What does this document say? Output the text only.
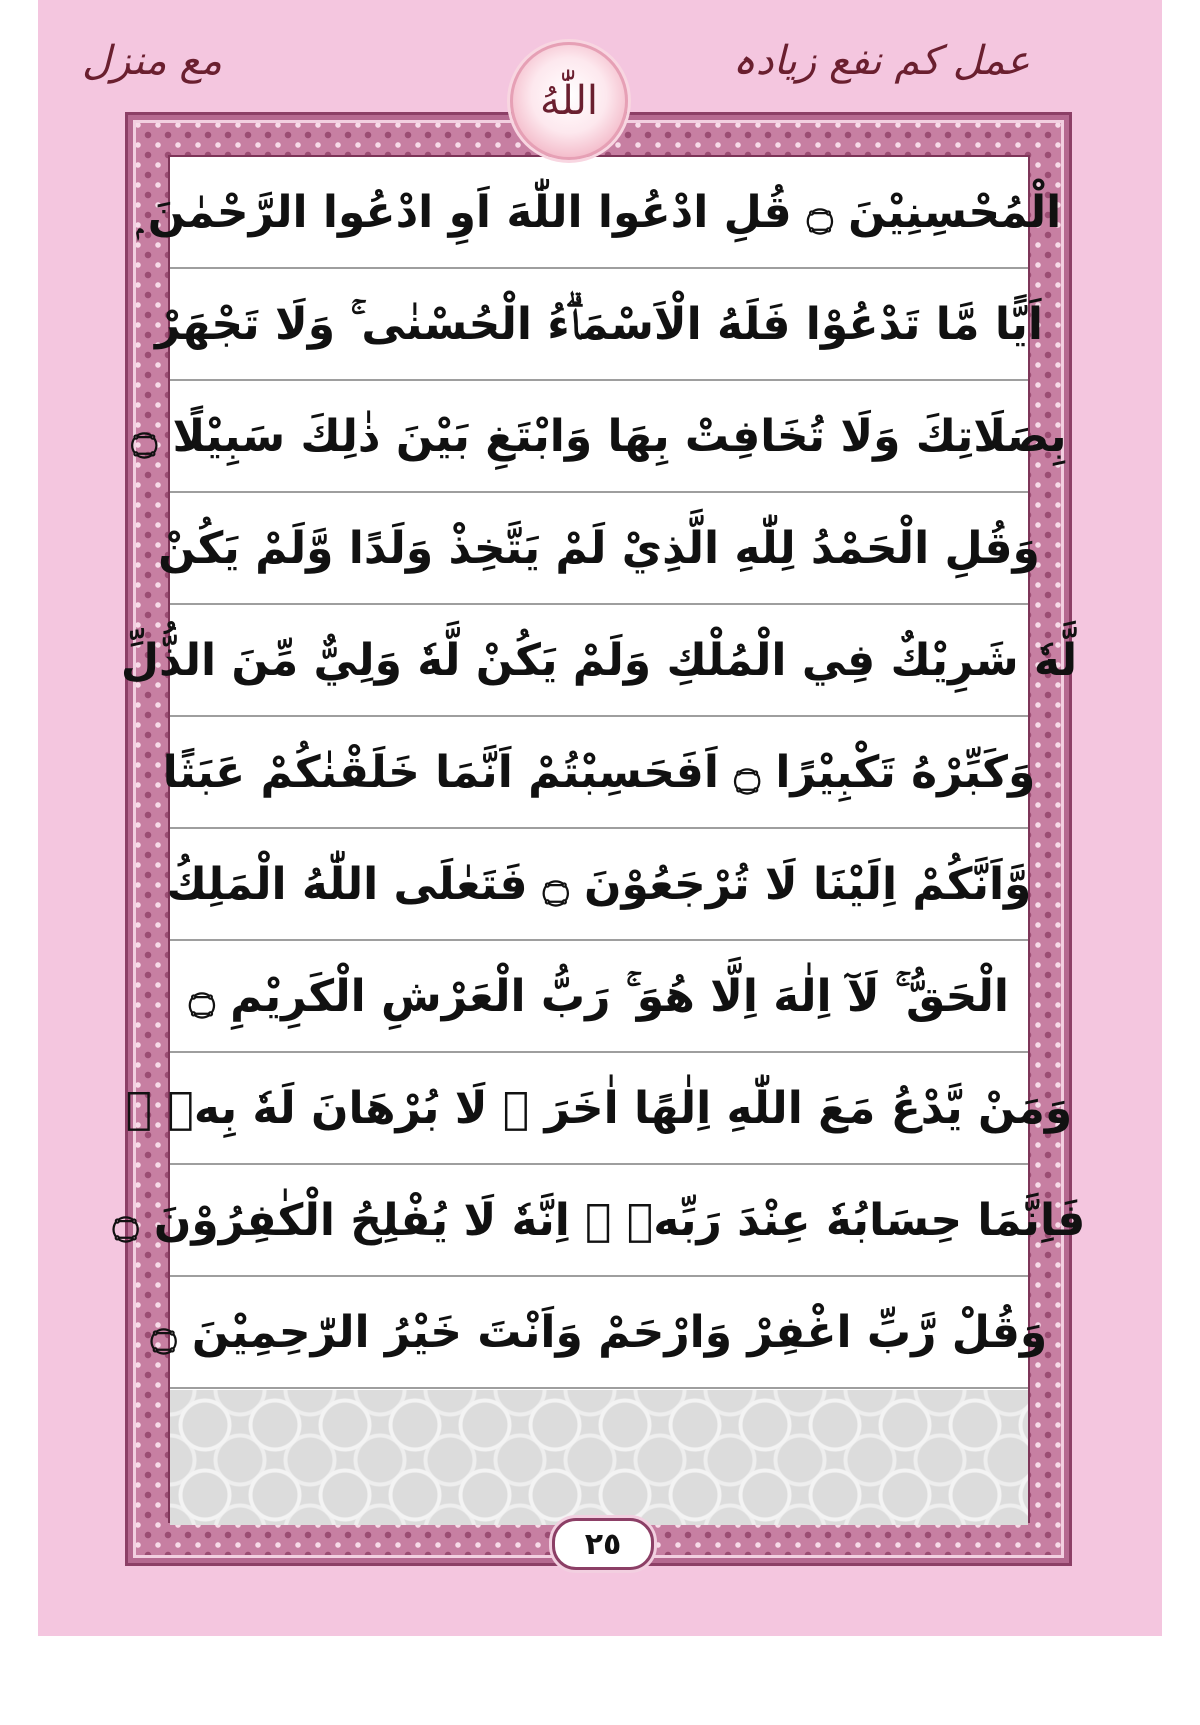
مع منزل	عمل کم نفع زیادہ
اللّٰهُ
الْمُحْسِنِيْنَ ۝ قُلِ ادْعُوا اللّٰهَ اَوِ ادْعُوا الرَّحْمٰنَ ۭ
اَيًّا مَّا تَدْعُوْا فَلَهُ الْاَسْمَاۗءُ الْحُسْنٰى ۚ وَلَا تَجْهَرْ
بِصَلَاتِكَ وَلَا تُخَافِتْ بِهَا وَابْتَغِ بَيْنَ ذٰلِكَ سَبِيْلًا ۝
وَقُلِ الْحَمْدُ لِلّٰهِ الَّذِيْ لَمْ يَتَّخِذْ وَلَدًا وَّلَمْ يَكُنْ
لَّهٗ شَرِيْكٌ فِي الْمُلْكِ وَلَمْ يَكُنْ لَّهٗ وَلِيٌّ مِّنَ الذُّلِّ
وَكَبِّرْهُ تَكْبِيْرًا ۝ اَفَحَسِبْتُمْ اَنَّمَا خَلَقْنٰكُمْ عَبَثًا
وَّاَنَّكُمْ اِلَيْنَا لَا تُرْجَعُوْنَ ۝ فَتَعٰلَى اللّٰهُ الْمَلِكُ
الْحَقُّ ۚ لَآ اِلٰهَ اِلَّا هُوَ ۚ رَبُّ الْعَرْشِ الْكَرِيْمِ ۝
وَمَنْ يَّدْعُ مَعَ اللّٰهِ اِلٰهًا اٰخَرَ ۙ لَا بُرْهَانَ لَهٗ بِهٖ ۙ
فَاِنَّمَا حِسَابُهٗ عِنْدَ رَبِّهٖ ۭ اِنَّهٗ لَا يُفْلِحُ الْكٰفِرُوْنَ ۝
وَقُلْ رَّبِّ اغْفِرْ وَارْحَمْ وَاَنْتَ خَيْرُ الرّٰحِمِيْنَ ۝
٢٥
